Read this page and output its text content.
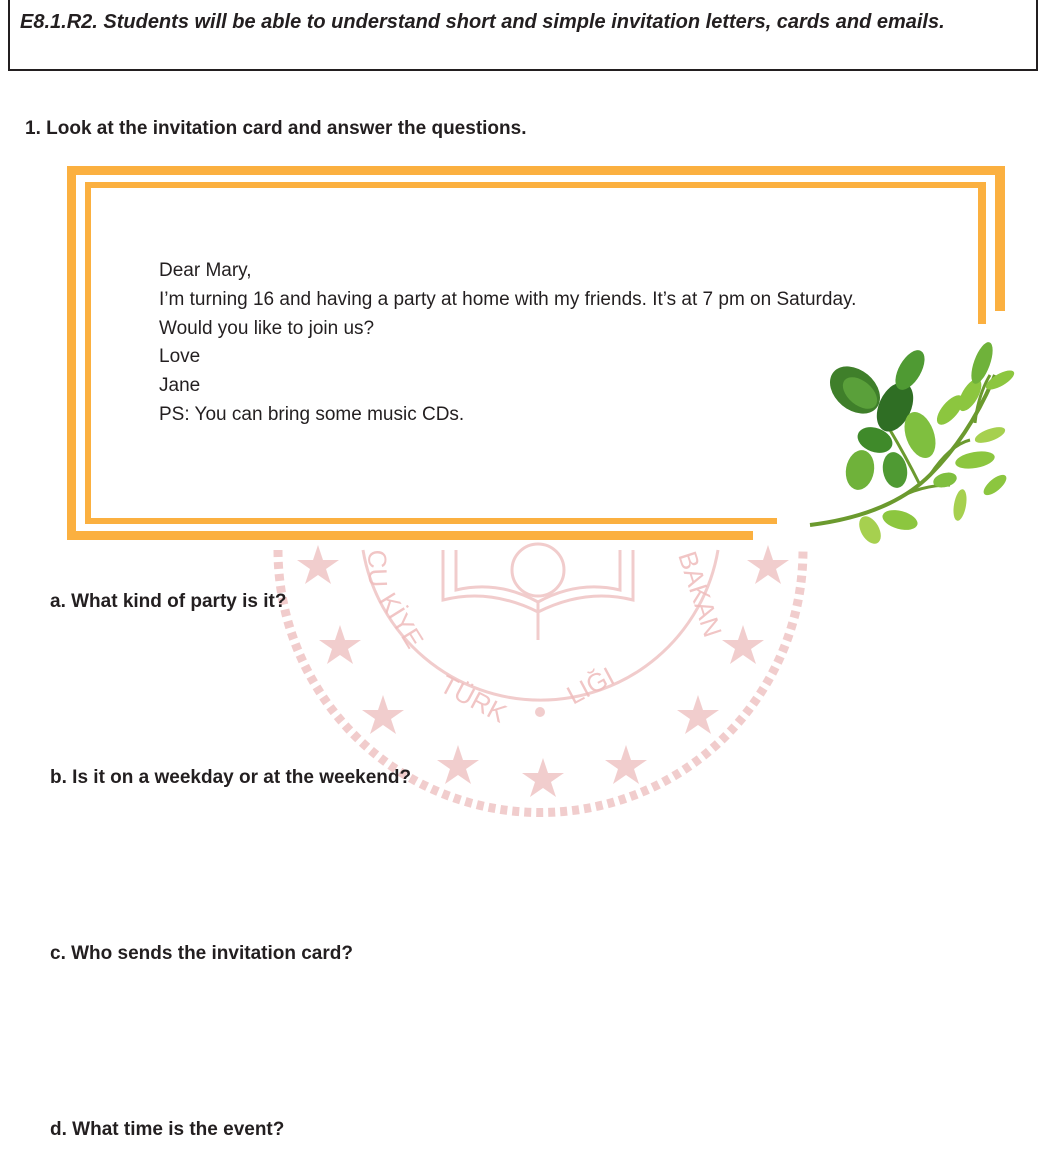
E8.1.R2. Students will be able to understand short and simple invitation letters, cards and emails.
1. Look at the invitation card and answer the questions.
TÜRK LIĞI
KİYE	BAKAN
CU
Dear Mary,
I’m turning 16 and having a party at home with my friends. It’s at 7 pm on Saturday.
Would you like to join us?
Love
Jane
PS: You can bring some music CDs.
a. What kind of party is it?
b. Is it on a weekday or at the weekend?
c. Who sends the invitation card?
d. What time is the event?
